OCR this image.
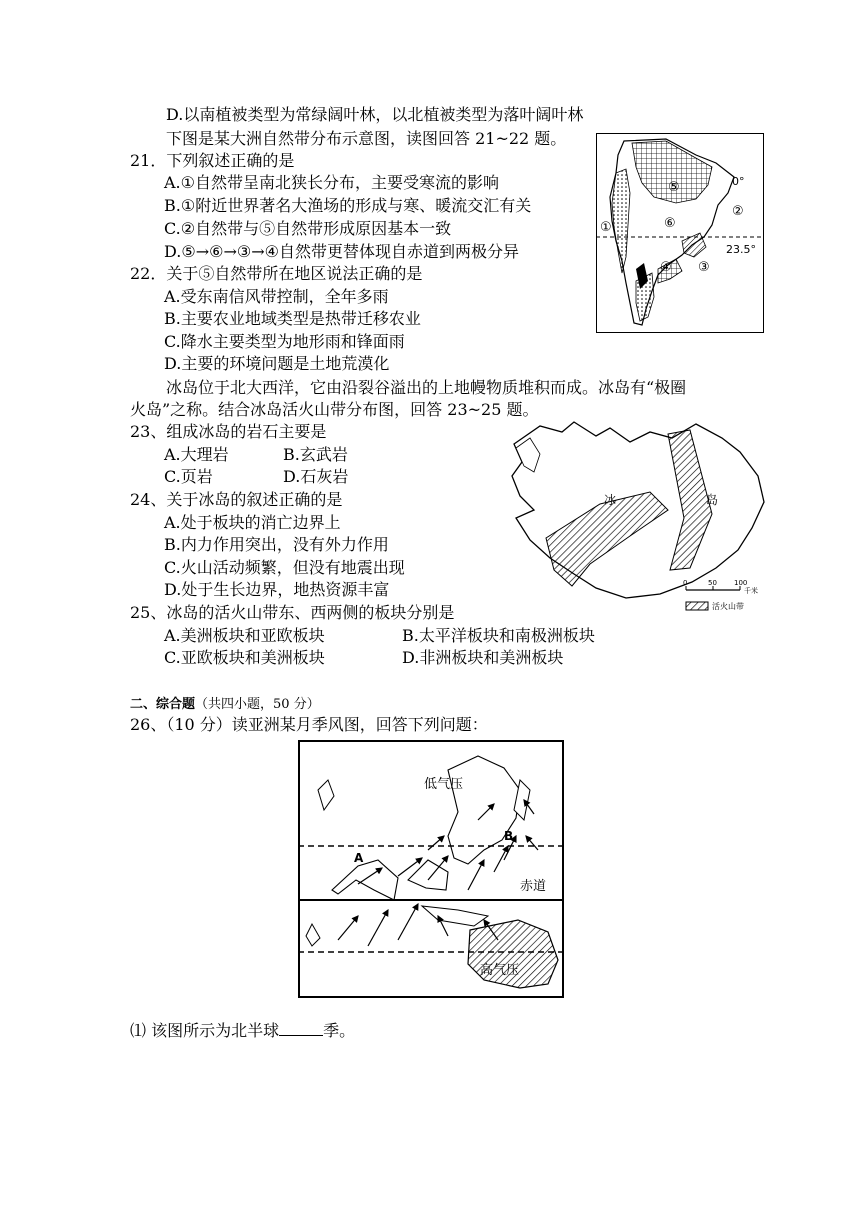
D.以南植被类型为常绿阔叶林，以北植被类型为落叶阔叶林
下图是某大洲自然带分布示意图，读图回答 21~22 题。
21．下列叙述正确的是
A.①自然带呈南北狭长分布，主要受寒流的影响
B.①附近世界著名大渔场的形成与寒、暖流交汇有关
C.②自然带与⑤自然带形成原因基本一致
D.⑤→⑥→③→④自然带更替体现自赤道到两极分异
22．关于⑤自然带所在地区说法正确的是
A.受东南信风带控制，全年多雨
B.主要农业地域类型是热带迁移农业
C.降水主要类型为地形雨和锋面雨
D.主要的环境问题是土地荒漠化
冰岛位于北大西洋，它由沿裂谷溢出的上地幔物质堆积而成。冰岛有“极圈
火岛”之称。结合冰岛活火山带分布图，回答 23~25 题。
23、组成冰岛的岩石主要是
A.大理岩	B.玄武岩
C.页岩	D.石灰岩
24、关于冰岛的叙述正确的是
A.处于板块的消亡边界上
B.内力作用突出，没有外力作用
C.火山活动频繁，但没有地震出现
D.处于生长边界，地热资源丰富
25、冰岛的活火山带东、西两侧的板块分别是
A.美洲板块和亚欧板块	B.太平洋板块和南极洲板块
C.亚欧板块和美洲板块	D.非洲板块和美洲板块
二、综合题（共四小题，50 分）
26、（10 分）读亚洲某月季风图，回答下列问题：
⑴ 该图所示为北半球	季。
0°
23.5°
①
②
③
④
⑤
⑥
冰	岛
0	50 100
千米
活火山带
低气压
高气压
赤道
A
B
